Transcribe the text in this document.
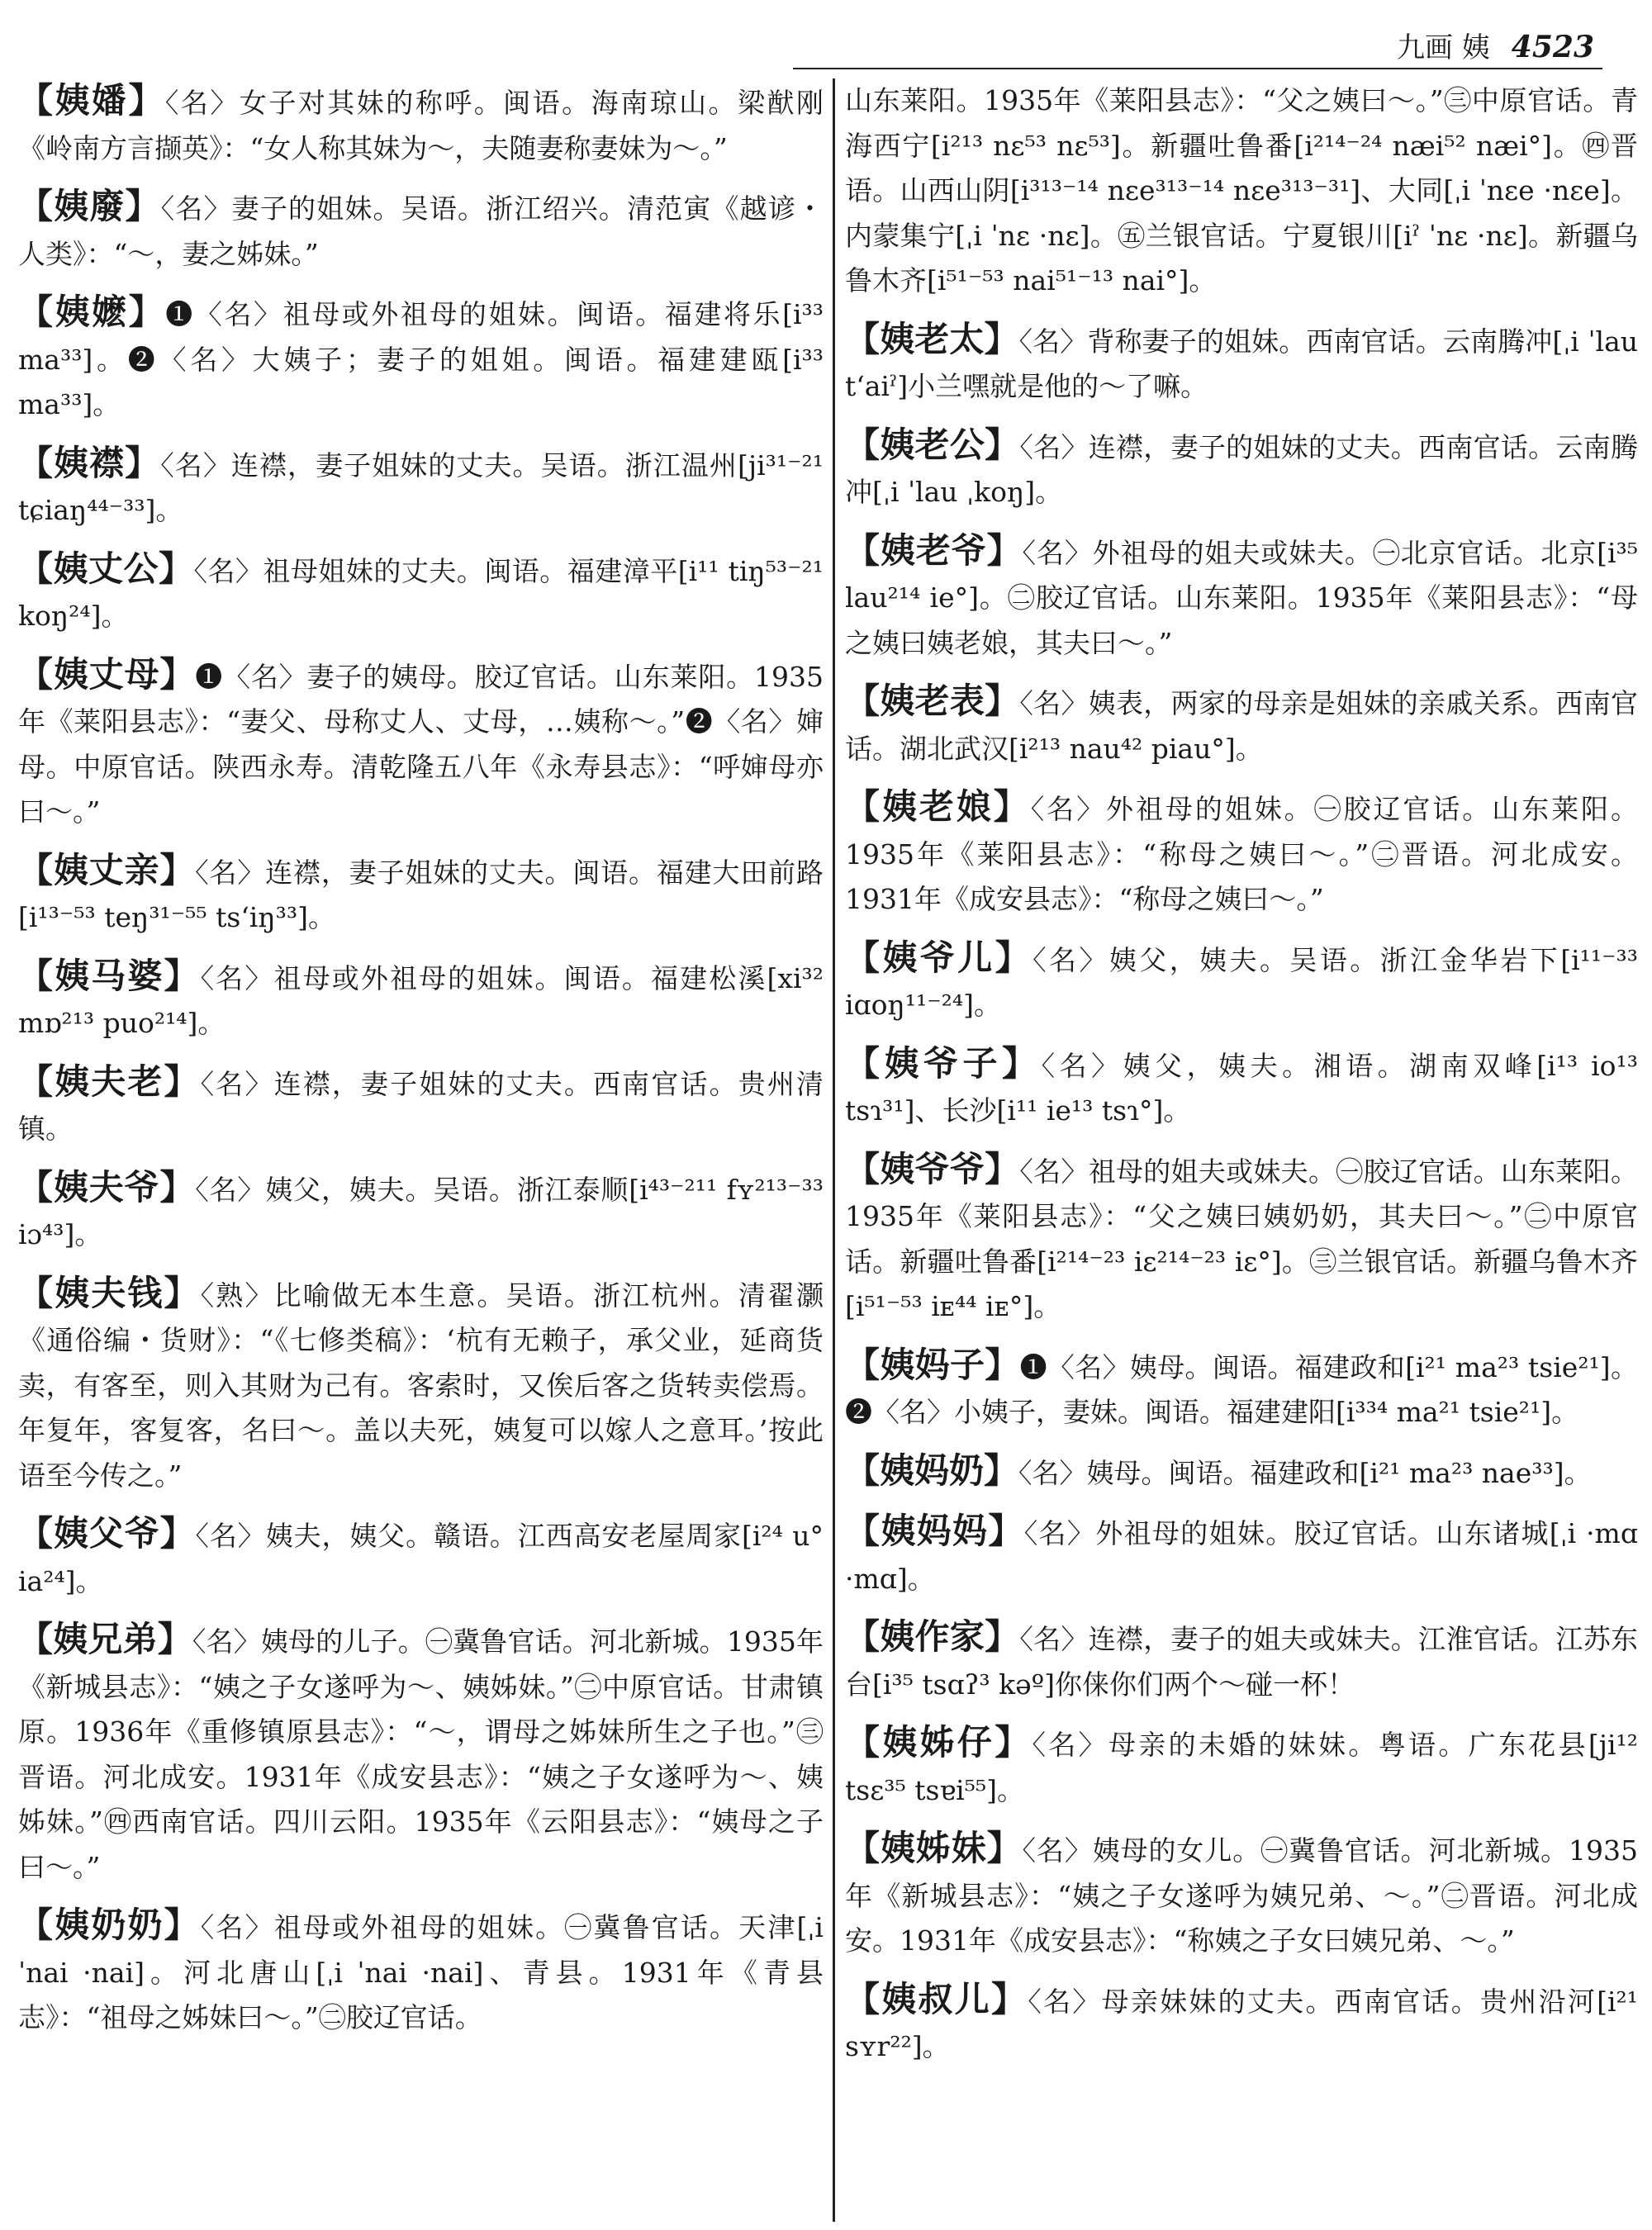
九画 姨 4523

【姨嬏】〈名〉女子对其妹的称呼。闽语。海南琼山。梁猷刚《岭南方言撷英》：“女人称其妹为～，夫随妻称妻妹为～。”

【姨廢】〈名〉妻子的姐妹。吴语。浙江绍兴。清范寅《越谚・人类》：“～，妻之姊妹。”

【姨嬷】❶〈名〉祖母或外祖母的姐妹。闽语。福建将乐[i³³ ma³³]。❷〈名〉大姨子；妻子的姐姐。闽语。福建建瓯[i³³ ma³³]。

【姨襟】〈名〉连襟，妻子姐妹的丈夫。吴语。浙江温州[ji³¹⁻²¹ tɕiaŋ⁴⁴⁻³³]。

【姨丈公】〈名〉祖母姐妹的丈夫。闽语。福建漳平[i¹¹ tiŋ⁵³⁻²¹ koŋ²⁴]。

【姨丈母】❶〈名〉妻子的姨母。胶辽官话。山东莱阳。1935年《莱阳县志》：“妻父、母称丈人、丈母，…姨称～。”❷〈名〉婶母。中原官话。陕西永寿。清乾隆五八年《永寿县志》：“呼婶母亦曰～。”

【姨丈亲】〈名〉连襟，妻子姐妹的丈夫。闽语。福建大田前路[i¹³⁻⁵³ teŋ³¹⁻⁵⁵ ts‘iŋ³³]。

【姨马婆】〈名〉祖母或外祖母的姐妹。闽语。福建松溪[xi³² mɒ²¹³ puo²¹⁴]。

【姨夫老】〈名〉连襟，妻子姐妹的丈夫。西南官话。贵州清镇。

【姨夫爷】〈名〉姨父，姨夫。吴语。浙江泰顺[i⁴³⁻²¹¹ fʏ²¹³⁻³³ iɔ⁴³]。

【姨夫钱】〈熟〉比喻做无本生意。吴语。浙江杭州。清翟灏《通俗编・货财》：“《七修类稿》：‘杭有无赖子，承父业，延商货卖，有客至，则入其财为己有。客索时，又俟后客之货转卖偿焉。年复年，客复客，名曰～。盖以夫死，姨复可以嫁人之意耳。’按此语至今传之。”

【姨父爷】〈名〉姨夫，姨父。赣语。江西高安老屋周家[i²⁴ u° ia²⁴]。

【姨兄弟】〈名〉姨母的儿子。㊀冀鲁官话。河北新城。1935年《新城县志》：“姨之子女遂呼为～、姨姊妹。”㊁中原官话。甘肃镇原。1936年《重修镇原县志》：“～，谓母之姊妹所生之子也。”㊂晋语。河北成安。1931年《成安县志》：“姨之子女遂呼为～、姨姊妹。”㊃西南官话。四川云阳。1935年《云阳县志》：“姨母之子曰～。”

【姨奶奶】〈名〉祖母或外祖母的姐妹。㊀冀鲁官话。天津[ˌi ˈnai ·nai]。河北唐山[ˌi ˈnai ·nai]、青县。1931年《青县志》：“祖母之姊妹曰～。”㊁胶辽官话。

山东莱阳。1935年《莱阳县志》：“父之姨曰～。”㊂中原官话。青海西宁[i²¹³ nɛ⁵³ nɛ⁵³]。新疆吐鲁番[i²¹⁴⁻²⁴ næi⁵² næi°]。㊃晋语。山西山阴[i³¹³⁻¹⁴ nɛe³¹³⁻¹⁴ nɛe³¹³⁻³¹]、大同[ˌi ˈnɛe ·nɛe]。内蒙集宁[ˌi ˈnɛ ·nɛ]。㊄兰银官话。宁夏银川[iˀ ˈnɛ ·nɛ]。新疆乌鲁木齐[i⁵¹⁻⁵³ nai⁵¹⁻¹³ nai°]。

【姨老太】〈名〉背称妻子的姐妹。西南官话。云南腾冲[ˌi ˈlau t‘aiˀ]小兰嘿就是他的～了嘛。

【姨老公】〈名〉连襟，妻子的姐妹的丈夫。西南官话。云南腾冲[ˌi ˈlau ˌkoŋ]。

【姨老爷】〈名〉外祖母的姐夫或妹夫。㊀北京官话。北京[i³⁵ lau²¹⁴ ie°]。㊁胶辽官话。山东莱阳。1935年《莱阳县志》：“母之姨曰姨老娘，其夫曰～。”

【姨老表】〈名〉姨表，两家的母亲是姐妹的亲戚关系。西南官话。湖北武汉[i²¹³ nau⁴² piau°]。

【姨老娘】〈名〉外祖母的姐妹。㊀胶辽官话。山东莱阳。1935年《莱阳县志》：“称母之姨曰～。”㊁晋语。河北成安。1931年《成安县志》：“称母之姨曰～。”

【姨爷儿】〈名〉姨父，姨夫。吴语。浙江金华岩下[i¹¹⁻³³ iɑoŋ¹¹⁻²⁴]。

【姨爷子】〈名〉姨父，姨夫。湘语。湖南双峰[i¹³ io¹³ tsɿ³¹]、长沙[i¹¹ ie¹³ tsɿ°]。

【姨爷爷】〈名〉祖母的姐夫或妹夫。㊀胶辽官话。山东莱阳。1935年《莱阳县志》：“父之姨曰姨奶奶，其夫曰～。”㊁中原官话。新疆吐鲁番[i²¹⁴⁻²³ iɛ²¹⁴⁻²³ iɛ°]。㊂兰银官话。新疆乌鲁木齐[i⁵¹⁻⁵³ iᴇ⁴⁴ iᴇ°]。

【姨妈子】❶〈名〉姨母。闽语。福建政和[i²¹ ma²³ tsie²¹]。❷〈名〉小姨子，妻妹。闽语。福建建阳[i³³⁴ ma²¹ tsie²¹]。

【姨妈奶】〈名〉姨母。闽语。福建政和[i²¹ ma²³ nae³³]。

【姨妈妈】〈名〉外祖母的姐妹。胶辽官话。山东诸城[ˌi ·mɑ ·mɑ]。

【姨作家】〈名〉连襟，妻子的姐夫或妹夫。江淮官话。江苏东台[i³⁵ tsɑʔ³ kəº]你俫你们两个～碰一杯！

【姨姊仔】〈名〉母亲的未婚的妹妹。粤语。广东花县[ji¹² tsɛ³⁵ tsɐi⁵⁵]。

【姨姊妹】〈名〉姨母的女儿。㊀冀鲁官话。河北新城。1935年《新城县志》：“姨之子女遂呼为姨兄弟、～。”㊁晋语。河北成安。1931年《成安县志》：“称姨之子女曰姨兄弟、～。”

【姨叔儿】〈名〉母亲妹妹的丈夫。西南官话。贵州沿河[i²¹ sʏr²²]。
